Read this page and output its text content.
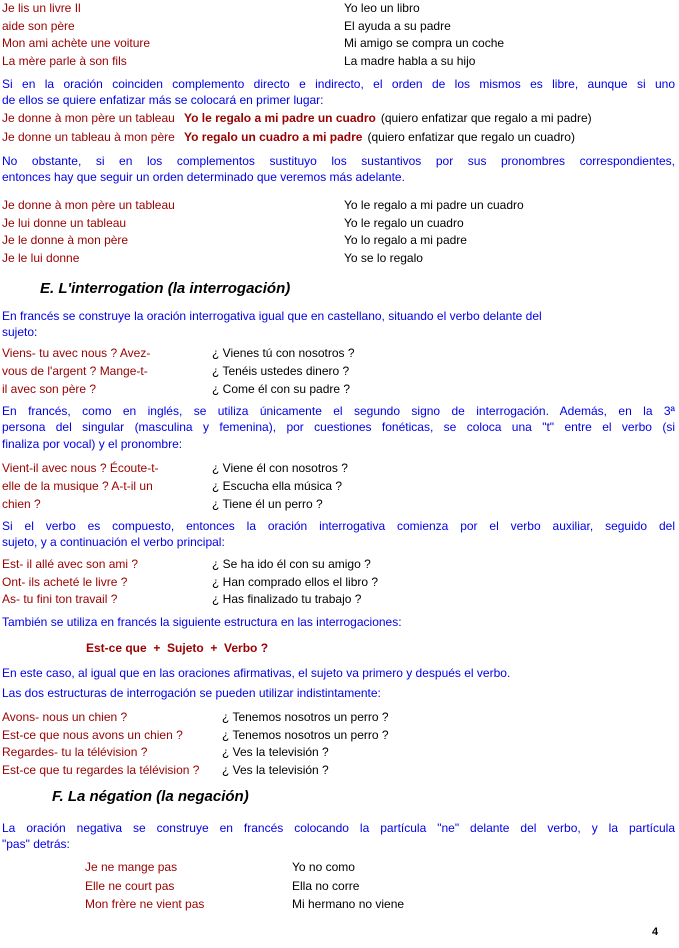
Je lis un livre Il	Yo leo un libro
aide son père	El ayuda a su padre
Mon ami achète une voiture	Mi amigo se compra un coche
La mère parle à son fils	La madre habla a su hijo
Si en la oración coinciden complemento directo e indirecto, el orden de los mismos es libre, aunque si uno
de ellos se quiere enfatizar más se colocará en primer lugar:
Je donne à mon père un tableau Yo le regalo a mi padre un cuadro (quiero enfatizar que regalo a mi padre)
Je donne un tableau à mon père Yo regalo un cuadro a mi padre (quiero enfatizar que regalo un cuadro)
No obstante, si en los complementos sustituyo los sustantivos por sus pronombres correspondientes,
entonces hay que seguir un orden determinado que veremos más adelante.
Je donne à mon père un tableau	Yo le regalo a mi padre un cuadro
Je lui donne un tableau	Yo le regalo un cuadro
Je le donne à mon père	Yo lo regalo a mi padre
Je le lui donne	Yo se lo regalo
E. L'interrogation (la interrogación)
En francés se construye la oración interrogativa igual que en castellano, situando el verbo delante del
sujeto:
Viens- tu avec nous ? Avez-	¿ Vienes tú con nosotros ?
vous de l'argent ? Mange-t-	¿ Tenéis ustedes dinero ?
il avec son père ?	¿ Come él con su padre ?
En francés, como en inglés, se utiliza únicamente el segundo signo de interrogación. Además, en la 3ª
persona del singular (masculina y femenina), por cuestiones fonéticas, se coloca una "t" entre el verbo (si
finaliza por vocal) y el pronombre:
Vient-il avec nous ? Écoute-t-	¿ Viene él con nosotros ?
elle de la musique ? A-t-il un	¿ Escucha ella música ?
chien ?	¿ Tiene él un perro ?
Si el verbo es compuesto, entonces la oración interrogativa comienza por el verbo auxiliar, seguido del
sujeto, y a continuación el verbo principal:
Est- il allé avec son ami ?	¿ Se ha ido él con su amigo ?
Ont- ils acheté le livre ?	¿ Han comprado ellos el libro ?
As- tu fini ton travail ?	¿ Has finalizado tu trabajo ?
También se utiliza en francés la siguiente estructura en las interrogaciones:
Est-ce que  +  Sujeto  +  Verbo ?
En este caso, al igual que en las oraciones afirmativas, el sujeto va primero y después el verbo.
Las dos estructuras de interrogación se pueden utilizar indistintamente:
Avons- nous un chien ?	¿ Tenemos nosotros un perro ?
Est-ce que nous avons un chien ?	¿ Tenemos nosotros un perro ?
Regardes- tu la télévision ?	¿ Ves la televisión ?
Est-ce que tu regardes la télévision ?	¿ Ves la televisión ?
F. La négation (la negación)
La oración negativa se construye en francés colocando la partícula "ne" delante del verbo, y la partícula
"pas" detrás:
Je ne mange pas	Yo no como
Elle ne court pas	Ella no corre
Mon frère ne vient pas	Mi hermano no viene
4
